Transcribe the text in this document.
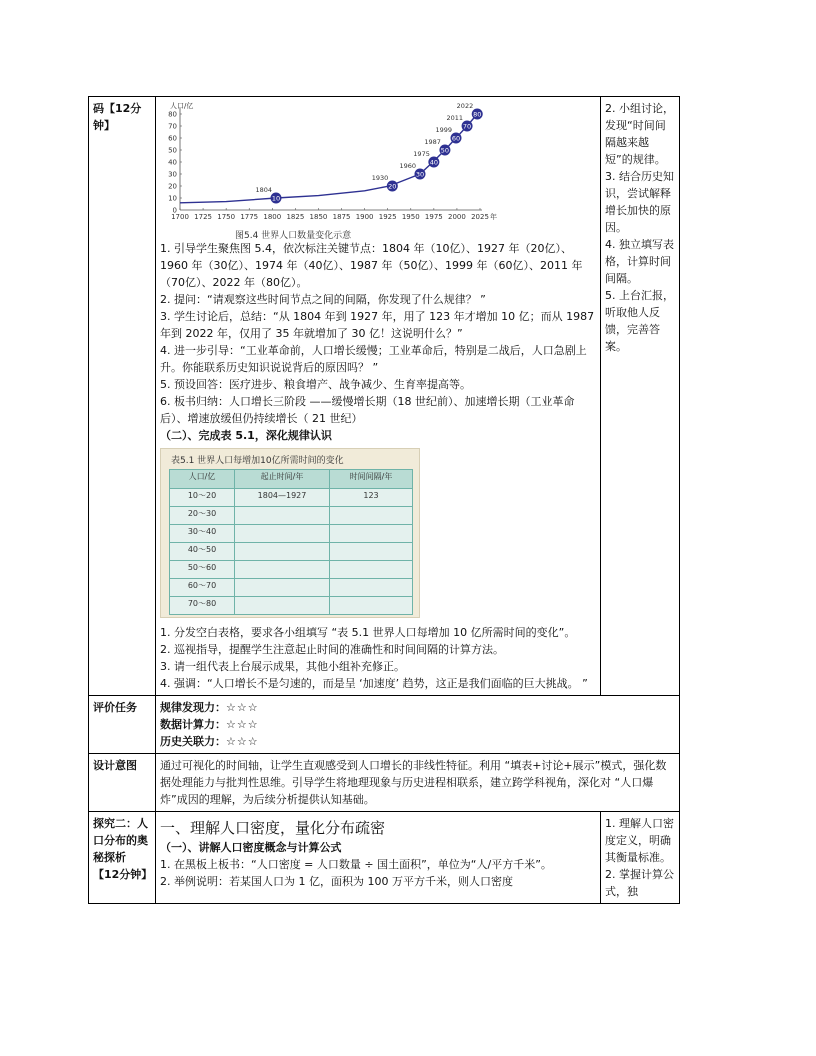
码【12分钟】	
人口/亿
0
10
20
30
40
50
60
70
80
1700 1725 1750 1775 1800 1825 1850 1875 1900 1925 1950 1975 2000 2025 年
10
1804	20
1930	30
1960 40
1975 50
1987 60
1999 70
2011 80
2022
图5.4 世界人口数量变化示意

1. 引导学生聚焦图 5.4，依次标注关键节点：1804 年（10亿）、1927 年（20亿）、1960 年（30亿）、1974 年（40亿）、1987 年（50亿）、1999 年（60亿）、2011 年（70亿）、2022 年（80亿）。

2. 提问：“请观察这些时间节点之间的间隔，你发现了什么规律？ ”

3. 学生讨论后，总结：“从 1804 年到 1927 年，用了 123 年才增加 10 亿；而从 1987 年到 2022 年，仅用了 35 年就增加了 30 亿！这说明什么？”

4. 进一步引导：“工业革命前，人口增长缓慢；工业革命后，特别是二战后，人口急剧上升。你能联系历史知识说说背后的原因吗？ ”

5. 预设回答：医疗进步、粮食增产、战争减少、生育率提高等。

6. 板书归纳：人口增长三阶段 ——缓慢增长期（18 世纪前）、加速增长期（工业革命后）、增速放缓但仍持续增长（ 21 世纪）

（二）、完成表 5.1，深化规律认识

表5.1 世界人口每增加10亿所需时间的变化
人口/亿	起止时间/年	时间间隔/年
10～20	1804—1927	123
20～30		
30～40		
40～50		
50～60		
60～70		
70～80		

1. 分发空白表格，要求各小组填写 “表 5.1 世界人口每增加 10 亿所需时间的变化”。

2. 巡视指导，提醒学生注意起止时间的准确性和时间间隔的计算方法。

3. 请一组代表上台展示成果，其他小组补充修正。

4. 强调：“人口增长不是匀速的，而是呈 ‘加速度’ 趋势，这正是我们面临的巨大挑战。 ”

2. 小组讨论，发现“时间间隔越来越短”的规律。

3. 结合历史知识，尝试解释增长加快的原因。

4. 独立填写表格，计算时间间隔。

5. 上台汇报，听取他人反馈，完善答案。

评价任务	规律发现力：☆☆☆

数据计算力：☆☆☆

历史关联力：☆☆☆

设计意图	通过可视化的时间轴，让学生直观感受到人口增长的非线性特征。利用 “填表+讨论+展示”模式，强化数据处理能力与批判性思维。引导学生将地理现象与历史进程相联系，建立跨学科视角，深化对 “人口爆炸”成因的理解，为后续分析提供认知基础。
探究二：人口分布的奥秘探析【12分钟】	
一、理解人口密度，量化分布疏密

（一）、讲解人口密度概念与计算公式

1. 在黑板上板书：“人口密度 = 人口数量 ÷ 国土面积”，单位为“人/平方千米”。

2. 举例说明：若某国人口为 1 亿，面积为 100 万平方千米，则人口密度

1. 理解人口密度定义，明确其衡量标准。

2. 掌握计算公式，独
